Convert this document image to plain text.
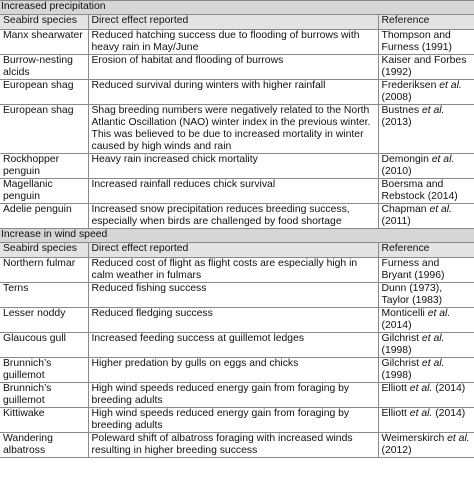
Increased precipitation		
Seabird species	Direct effect reported	Reference
Manx shearwater	Reduced hatching success due to flooding of burrows with heavy rain in May/June	Thompson and Furness (1991)
Burrow-nesting alcids	Erosion of habitat and flooding of burrows	Kaiser and Forbes (1992)
European shag	Reduced survival during winters with higher rainfall	Frederiksen et al. (2008)
European shag	Shag breeding numbers were negatively related to the North Atlantic Oscillation (NAO) winter index in the previous winter. This was believed to be due to increased mortality in winter caused by high winds and rain	Bustnes et al. (2013)
Rockhopper penguin	Heavy rain increased chick mortality	Demongin et al. (2010)
Magellanic penguin	Increased rainfall reduces chick survival	Boersma and Rebstock (2014)
Adelie penguin	Increased snow precipitation reduces breeding success, especially when birds are challenged by food shortage	Chapman et al. (2011)
Increase in wind speed		
Seabird species	Direct effect reported	Reference
Northern fulmar	Reduced cost of flight as flight costs are especially high in calm weather in fulmars	Furness and Bryant (1996)
Terns	Reduced fishing success	Dunn (1973), Taylor (1983)
Lesser noddy	Reduced fledging success	Monticelli et al. (2014)
Glaucous gull	Increased feeding success at guillemot ledges	Gilchrist et al. (1998)
Brunnich’s guillemot	Higher predation by gulls on eggs and chicks	Gilchrist et al. (1998)
Brunnich’s guillemot	High wind speeds reduced energy gain from foraging by breeding adults	Elliott et al. (2014)
Kittiwake	High wind speeds reduced energy gain from foraging by breeding adults	Elliott et al. (2014)
Wandering albatross	Poleward shift of albatross foraging with increased winds resulting in higher breeding success	Weimerskirch et al. (2012)
